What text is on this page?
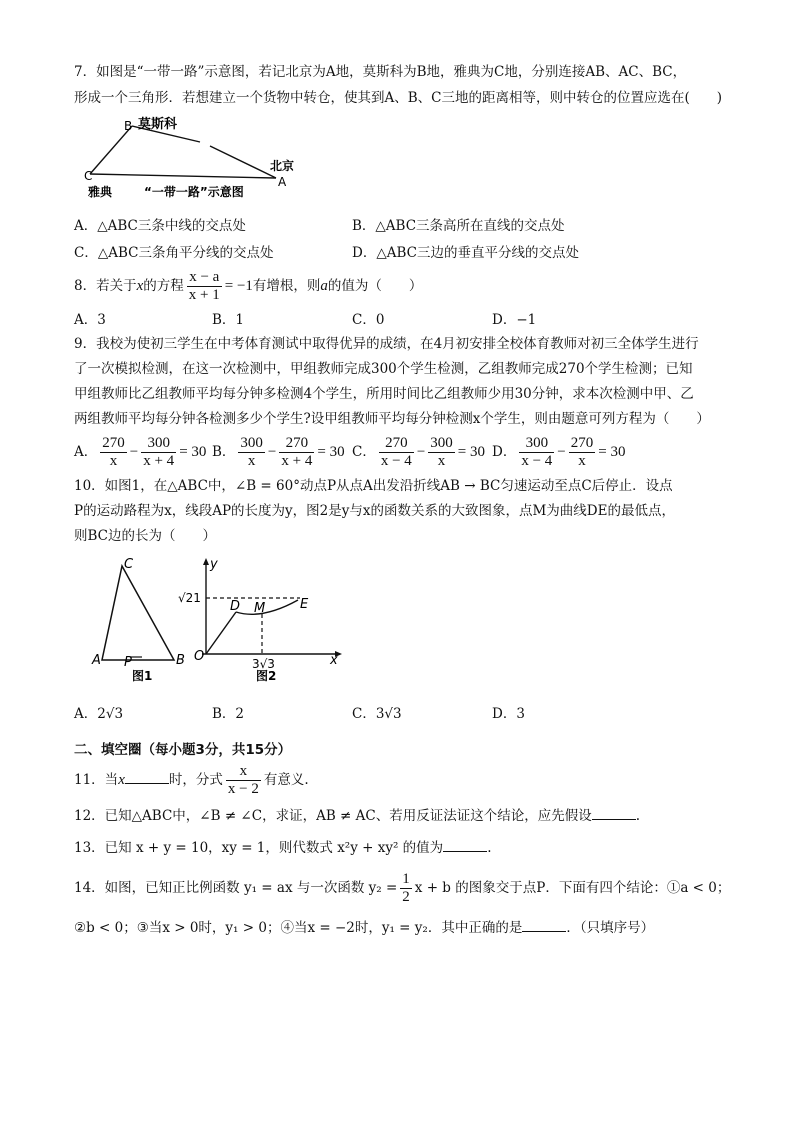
7．如图是“一带一路”示意图，若记北京为A地，莫斯科为B地，雅典为C地，分别连接AB、AC、BC，
形成一个三角形．若想建立一个货物中转仓，使其到A、B、C三地的距离相等，则中转仓的位置应选在(　　)
B 莫斯科
C
雅典
北京
A
“一带一路”示意图
A．△ABC三条中线的交点处	B．△ABC三条高所在直线的交点处
C．△ABC三条角平分线的交点处	D．△ABC三边的垂直平分线的交点处
8．若关于x的方程 $\frac{x - a}{x + 1} = -1$有增根，则a的值为（　　）
A．3	B．1	C．0	D．−1
9．我校为使初三学生在中考体育测试中取得优异的成绩，在4月初安排全校体育教师对初三全体学生进行
了一次模拟检测，在这一次检测中，甲组教师完成300个学生检测，乙组教师完成270个学生检测；已知
甲组教师比乙组教师平均每分钟多检测4个学生，所用时间比乙组教师少用30分钟，求本次检测中甲、乙
两组教师平均每分钟各检测多少个学生?设甲组教师平均每分钟检测x个学生，则由题意可列方程为（　　）
A． $\frac{270}{x} - \frac{300}{x + 4} = 30$ B． $\frac{300}{x} - \frac{270}{x + 4} = 30$ C． $\frac{270}{x - 4} - \frac{300}{x} = 30$ D． $\frac{300}{x - 4} - \frac{270}{x} = 30$
10．如图1，在△ABC中，∠B = 60°动点P从点A出发沿折线AB → BC匀速运动至点C后停止．设点
P的运动路程为x，线段AP的长度为y，图2是y与x的函数关系的大致图象，点M为曲线DE的最低点，
则BC边的长为（　　）
C
A P	B
图1
√21
y
D M	E
O	3√3	x
图2
A．2√3	B．2	C．3√3	D．3
二、填空圈（每小题3分，共15分）
11．当x	时，分式 $\frac{x}{x - 2}$ 有意义.
12．已知△ABC中，∠B ≠ ∠C，求证，AB ≠ AC、若用反证法证这个结论，应先假设	.
13．已知 x + y = 10，xy = 1，则代数式 x²y + xy² 的值为	.
14．如图，已知正比例函数 y₁ = ax 与一次函数 $y_2 = \frac{1}{2}$ x + b 的图象交于点P．下面有四个结论：①a < 0；
②b < 0；③当x > 0时，y₁ > 0；④当x = −2时，y₁ = y₂．其中正确的是	．（只填序号）
